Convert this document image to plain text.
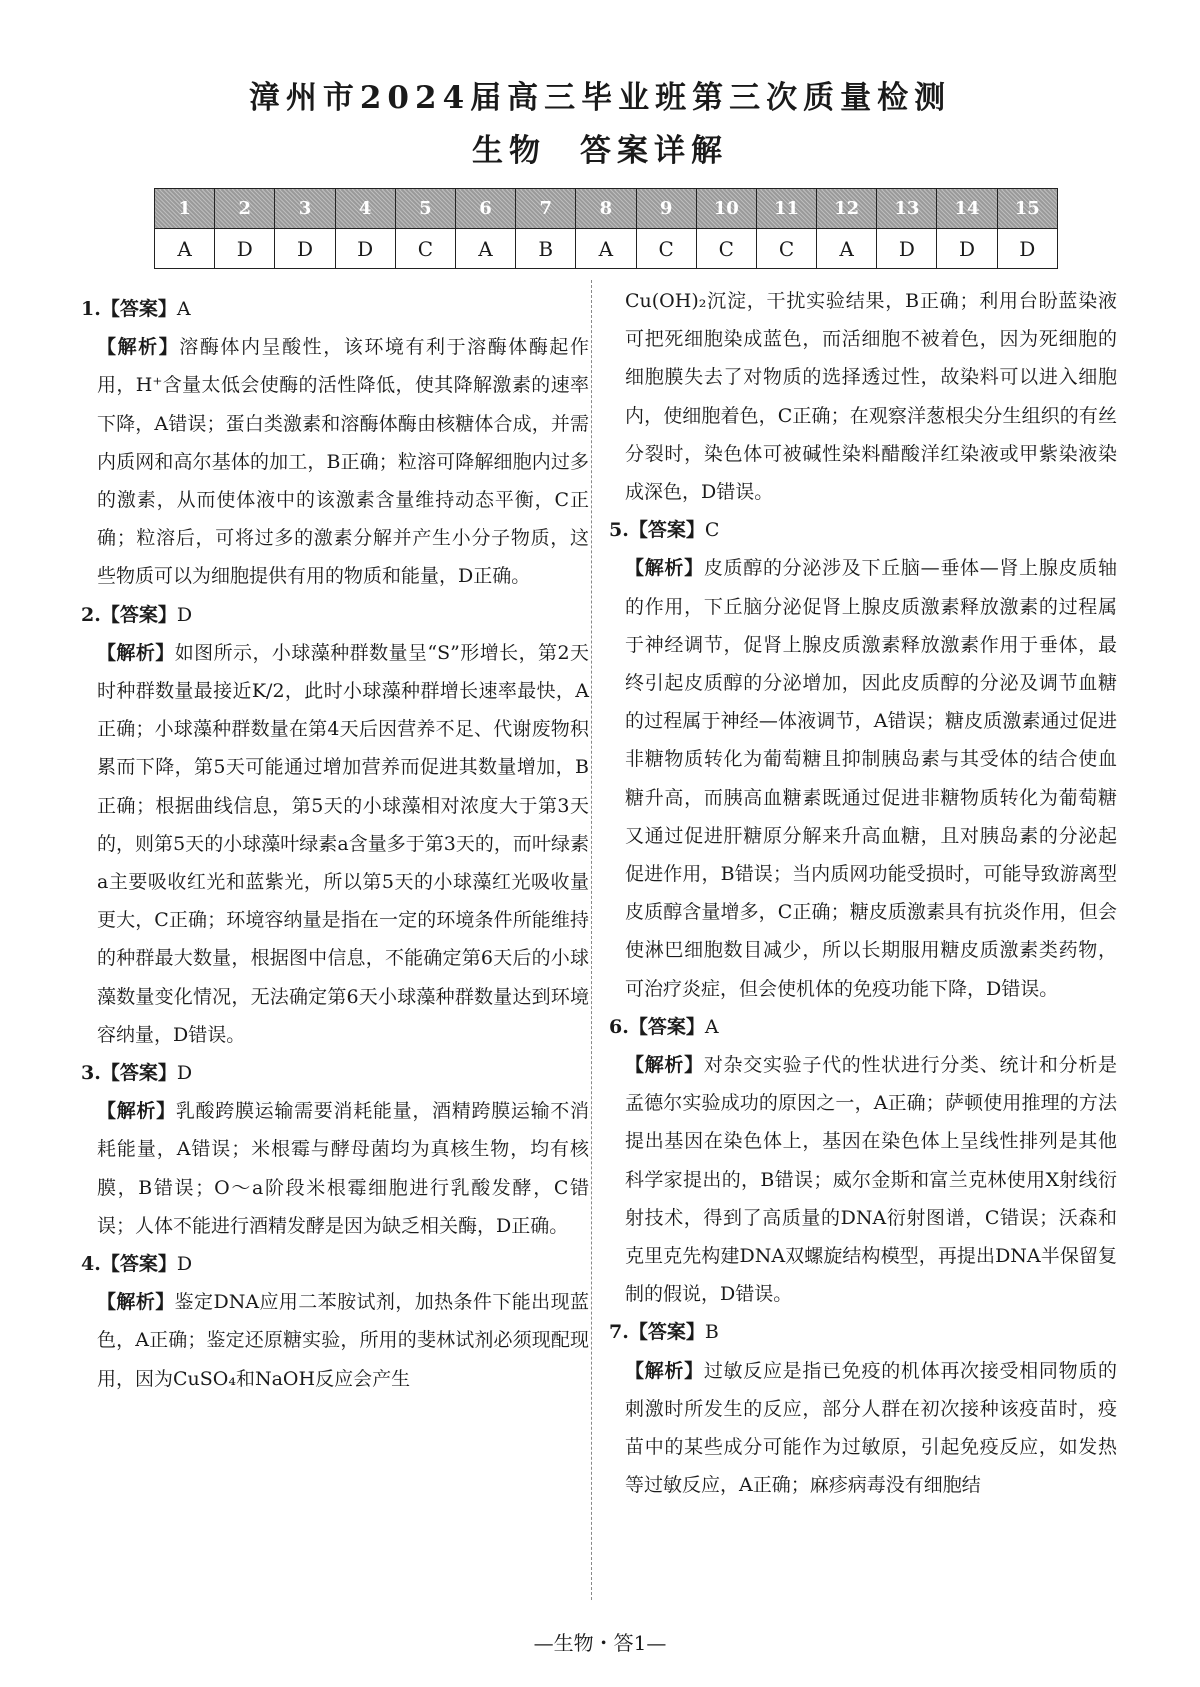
漳州市2024届高三毕业班第三次质量检测
生物 答案详解
1	2	3	4	5	6	7	8	9	10	11	12	13	14	15
A	D	D	D	C	A	B	A	C	C	C	A	D	D	D

1.【答案】A

【解析】溶酶体内呈酸性，该环境有利于溶酶体酶起作用，H⁺含量太低会使酶的活性降低，使其降解激素的速率下降，A错误；蛋白类激素和溶酶体酶由核糖体合成，并需内质网和高尔基体的加工，B正确；粒溶可降解细胞内过多的激素，从而使体液中的该激素含量维持动态平衡，C正确；粒溶后，可将过多的激素分解并产生小分子物质，这些物质可以为细胞提供有用的物质和能量，D正确。

2.【答案】D

【解析】如图所示，小球藻种群数量呈“S”形增长，第2天时种群数量最接近K/2，此时小球藻种群增长速率最快，A正确；小球藻种群数量在第4天后因营养不足、代谢废物积累而下降，第5天可能通过增加营养而促进其数量增加，B正确；根据曲线信息，第5天的小球藻相对浓度大于第3天的，则第5天的小球藻叶绿素a含量多于第3天的，而叶绿素a主要吸收红光和蓝紫光，所以第5天的小球藻红光吸收量更大，C正确；环境容纳量是指在一定的环境条件所能维持的种群最大数量，根据图中信息，不能确定第6天后的小球藻数量变化情况，无法确定第6天小球藻种群数量达到环境容纳量，D错误。

3.【答案】D

【解析】乳酸跨膜运输需要消耗能量，酒精跨膜运输不消耗能量，A错误；米根霉与酵母菌均为真核生物，均有核膜，B错误；O～a阶段米根霉细胞进行乳酸发酵，C错误；人体不能进行酒精发酵是因为缺乏相关酶，D正确。

4.【答案】D

【解析】鉴定DNA应用二苯胺试剂，加热条件下能出现蓝色，A正确；鉴定还原糖实验，所用的斐林试剂必须现配现用，因为CuSO₄和NaOH反应会产生

Cu(OH)₂沉淀，干扰实验结果，B正确；利用台盼蓝染液可把死细胞染成蓝色，而活细胞不被着色，因为死细胞的细胞膜失去了对物质的选择透过性，故染料可以进入细胞内，使细胞着色，C正确；在观察洋葱根尖分生组织的有丝分裂时，染色体可被碱性染料醋酸洋红染液或甲紫染液染成深色，D错误。

5.【答案】C

【解析】皮质醇的分泌涉及下丘脑—垂体—肾上腺皮质轴的作用，下丘脑分泌促肾上腺皮质激素释放激素的过程属于神经调节，促肾上腺皮质激素释放激素作用于垂体，最终引起皮质醇的分泌增加，因此皮质醇的分泌及调节血糖的过程属于神经—体液调节，A错误；糖皮质激素通过促进非糖物质转化为葡萄糖且抑制胰岛素与其受体的结合使血糖升高，而胰高血糖素既通过促进非糖物质转化为葡萄糖又通过促进肝糖原分解来升高血糖，且对胰岛素的分泌起促进作用，B错误；当内质网功能受损时，可能导致游离型皮质醇含量增多，C正确；糖皮质激素具有抗炎作用，但会使淋巴细胞数目减少，所以长期服用糖皮质激素类药物，可治疗炎症，但会使机体的免疫功能下降，D错误。

6.【答案】A

【解析】对杂交实验子代的性状进行分类、统计和分析是孟德尔实验成功的原因之一，A正确；萨顿使用推理的方法提出基因在染色体上，基因在染色体上呈线性排列是其他科学家提出的，B错误；威尔金斯和富兰克林使用X射线衍射技术，得到了高质量的DNA衍射图谱，C错误；沃森和克里克先构建DNA双螺旋结构模型，再提出DNA半保留复制的假说，D错误。

7.【答案】B

【解析】过敏反应是指已免疫的机体再次接受相同物质的刺激时所发生的反应，部分人群在初次接种该疫苗时，疫苗中的某些成分可能作为过敏原，引起免疫反应，如发热等过敏反应，A正确；麻疹病毒没有细胞结

—生物・答1—
